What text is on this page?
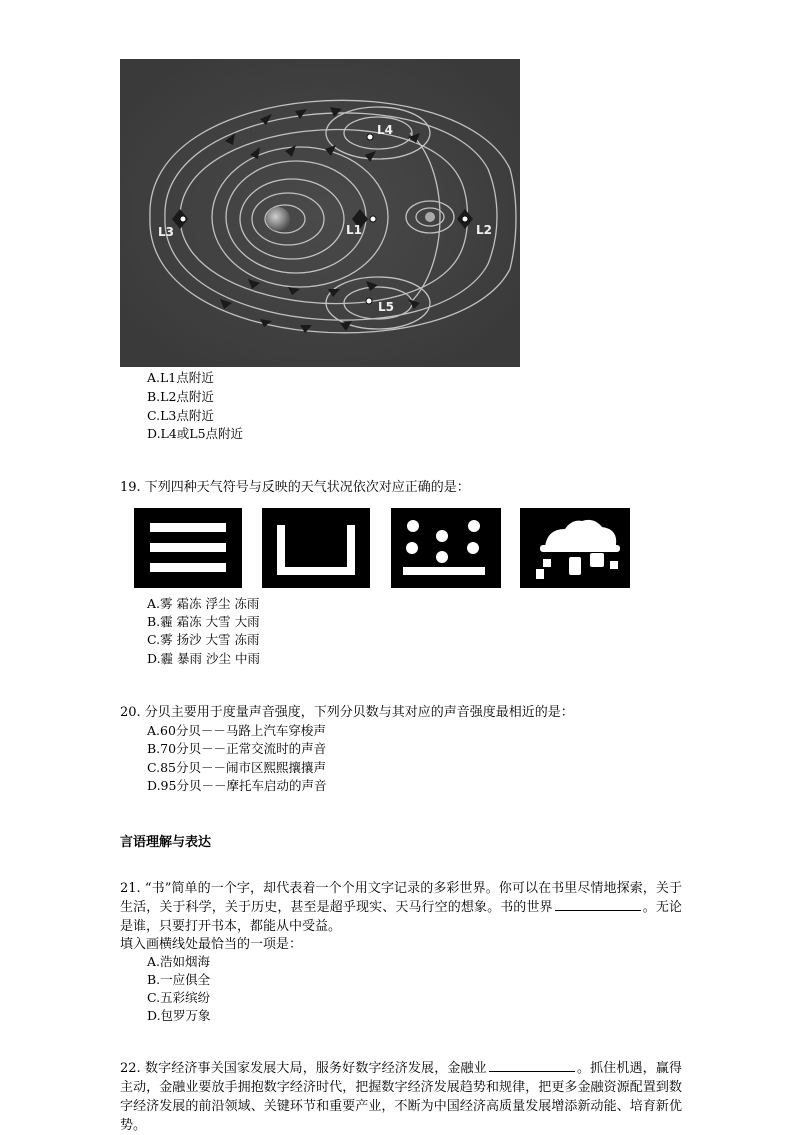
L1	L2
L3
L4
L5
A.L1点附近
B.L2点附近
C.L3点附近
D.L4或L5点附近
19. 下列四种天气符号与反映的天气状况依次对应正确的是：
A.雾 霜冻 浮尘 冻雨
B.霾 霜冻 大雪 大雨
C.雾 扬沙 大雪 冻雨
D.霾 暴雨 沙尘 中雨
20. 分贝主要用于度量声音强度，下列分贝数与其对应的声音强度最相近的是：
A.60分贝－－马路上汽车穿梭声
B.70分贝－－正常交流时的声音
C.85分贝－－闹市区熙熙攘攘声
D.95分贝－－摩托车启动的声音
言语理解与表达
21. “书”简单的一个字，却代表着一个个用文字记录的多彩世界。你可以在书里尽情地探索，关于生活，关于科学，关于历史，甚至是超乎现实、天马行空的想象。书的世界	。无论是谁，只要打开书本，都能从中受益。
填入画横线处最恰当的一项是：
A.浩如烟海
B.一应俱全
C.五彩缤纷
D.包罗万象
22. 数字经济事关国家发展大局，服务好数字经济发展，金融业	。抓住机遇，赢得主动，金融业要放手拥抱数字经济时代，把握数字经济发展趋势和规律，把更多金融资源配置到数字经济发展的前沿领域、关键环节和重要产业，不断为中国经济高质量发展增添新动能、培育新优势。
